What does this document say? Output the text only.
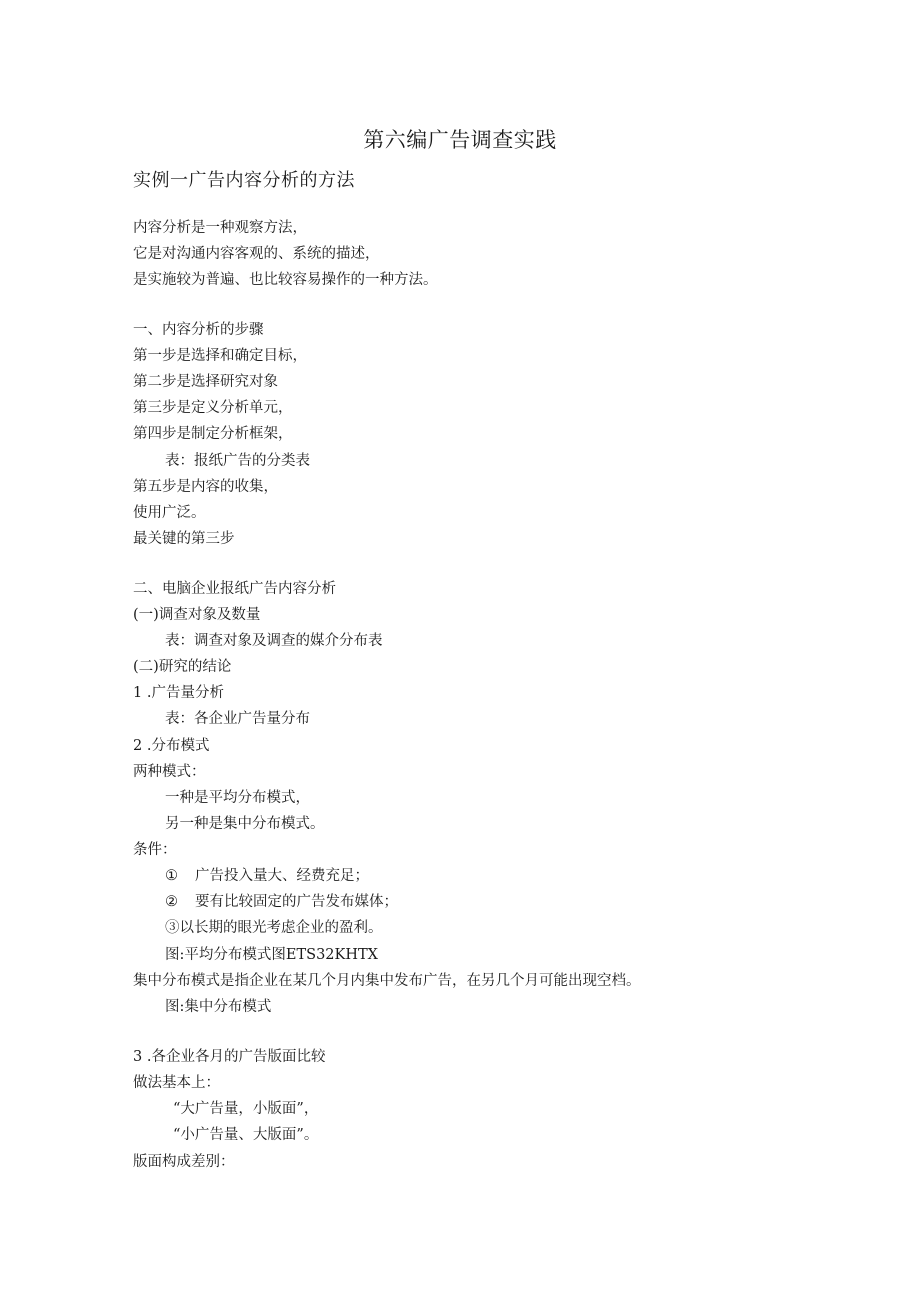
第六编广告调查实践
实例一广告内容分析的方法
内容分析是一种观察方法，
它是对沟通内容客观的、系统的描述，
是实施较为普遍、也比较容易操作的一种方法。
一、内容分析的步骤
第一步是选择和确定目标，
第二步是选择研究对象
第三步是定义分析单元，
第四步是制定分析框架，
表：报纸广告的分类表
第五步是内容的收集，
使用广泛。
最关键的第三步
二、电脑企业报纸广告内容分析
(一)调查对象及数量
表：调查对象及调查的媒介分布表
(二)研究的结论
1 .广告量分析
表：各企业广告量分布
2 .分布模式
两种模式：
一种是平均分布模式，
另一种是集中分布模式。
条件：
① 广告投入量大、经费充足；
② 要有比较固定的广告发布媒体；
③以长期的眼光考虑企业的盈利。
图:平均分布模式图ETS32KHTX
集中分布模式是指企业在某几个月内集中发布广告，在另几个月可能出现空档。
图:集中分布模式
3 .各企业各月的广告版面比较
做法基本上：
“大广告量，小版面”，
“小广告量、大版面”。
版面构成差别：
